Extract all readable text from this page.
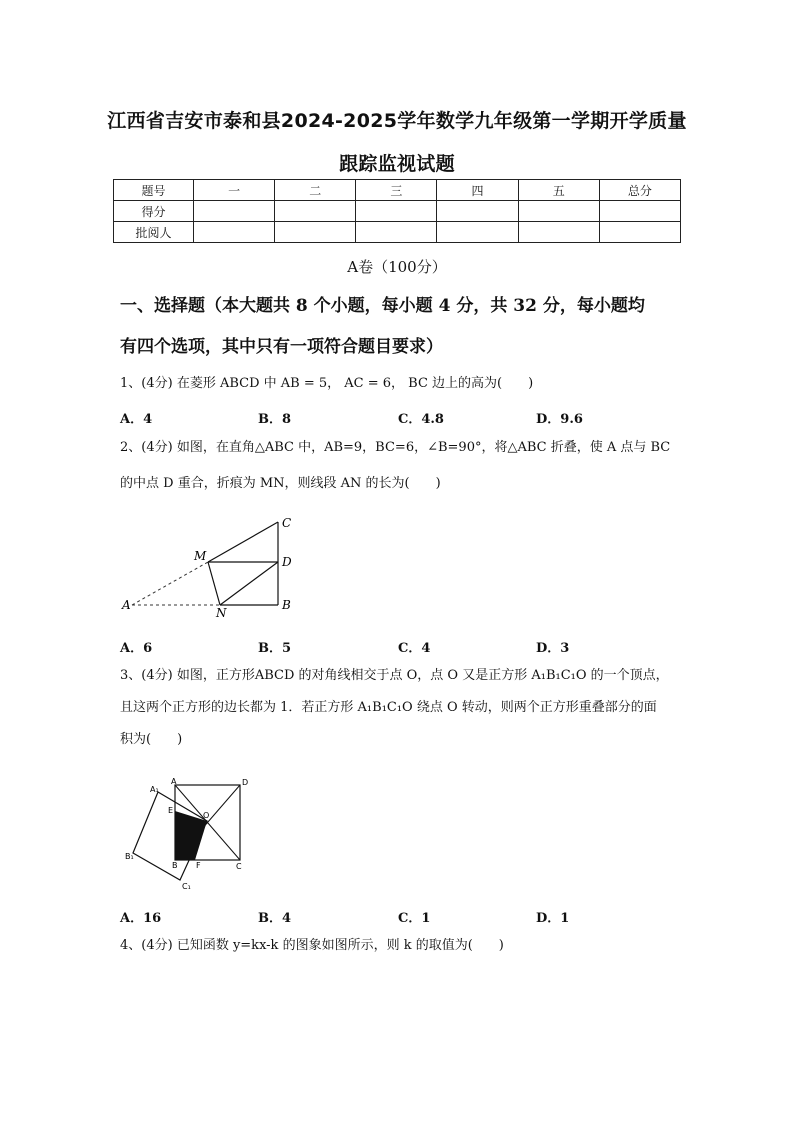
江西省吉安市泰和县2024-2025学年数学九年级第一学期开学质量
跟踪监视试题
题号	一	二	三	四	五	总分
得分						
批阅人						
A卷（100分）
一、选择题（本大题共 8 个小题，每小题 4 分，共 32 分，每小题均
有四个选项，其中只有一项符合题目要求）
1、(4分) 在菱形 ABCD 中 AB = 5， AC = 6， BC 边上的高为(　　)
A．4	B．8	C．4.8	D．9.6
2、(4分) 如图，在直角△ABC 中，AB=9，BC=6，∠B=90°，将△ABC 折叠，使 A 点与 BC
的中点 D 重合，折痕为 MN，则线段 AN 的长为(　　)
A	B
C
D
M
N
A．6	B．5	C．4	D．3
3、(4分) 如图，正方形ABCD 的对角线相交于点 O，点 O 又是正方形 A₁B₁C₁O 的一个顶点，
且这两个正方形的边长都为 1．若正方形 A₁B₁C₁O 绕点 O 转动，则两个正方形重叠部分的面
积为(　　)
A₁
A	D
E
O
B₁
B F	C
C₁
A．16	B．4	C．1	D．1
4、(4分) 已知函数 y=kx-k 的图象如图所示，则 k 的取值为(　　)
